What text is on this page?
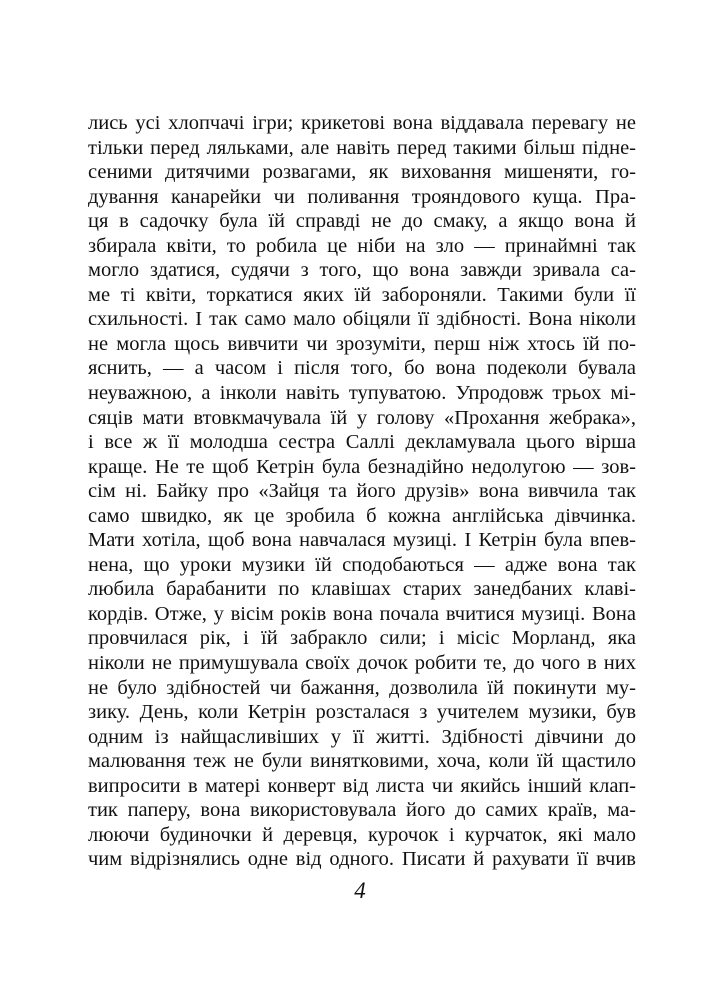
лись усі хлопчачі ігри; крикетові вона віддавала перевагу не
тільки перед ляльками, але навіть перед такими більш підне-
сеними дитячими розвагами, як виховання мишеняти, го-
дування канарейки чи поливання трояндового куща. Пра-
ця в садочку була їй справді не до смаку, а якщо вона й
збирала квіти, то робила це ніби на зло — принаймні так
могло здатися, судячи з того, що вона завжди зривала са-
ме ті квіти, торкатися яких їй забороняли. Такими були її
схильності. І так само мало обіцяли її здібності. Вона ніколи
не могла щось вивчити чи зрозуміти, перш ніж хтось їй по-
яснить, — а часом і після того, бо вона подеколи бувала
неуважною, а інколи навіть тупуватою. Упродовж трьох мі-
сяців мати втовкмачувала їй у голову «Прохання жебрака»,
і все ж її молодша сестра Саллі декламувала цього вірша
краще. Не те щоб Кетрін була безнадійно недолугою — зов-
сім ні. Байку про «Зайця та його друзів» вона вивчила так
само швидко, як це зробила б кожна англійська дівчинка.
Мати хотіла, щоб вона навчалася музиці. І Кетрін була впев-
нена, що уроки музики їй сподобаються — адже вона так
любила барабанити по клавішах старих занедбаних клаві-
кордів. Отже, у вісім років вона почала вчитися музиці. Вона
провчилася рік, і їй забракло сили; і місіс Морланд, яка
ніколи не примушувала своїх дочок робити те, до чого в них
не було здібностей чи бажання, дозволила їй покинути му-
зику. День, коли Кетрін розсталася з учителем музики, був
одним із найщасливіших у її житті. Здібності дівчини до
малювання теж не були винятковими, хоча, коли їй щастило
випросити в матері конверт від листа чи якийсь інший клап-
тик паперу, вона використовувала його до самих країв, ма-
люючи будиночки й деревця, курочок і курчаток, які мало
чим відрізнялись одне від одного. Писати й рахувати її вчив
4
